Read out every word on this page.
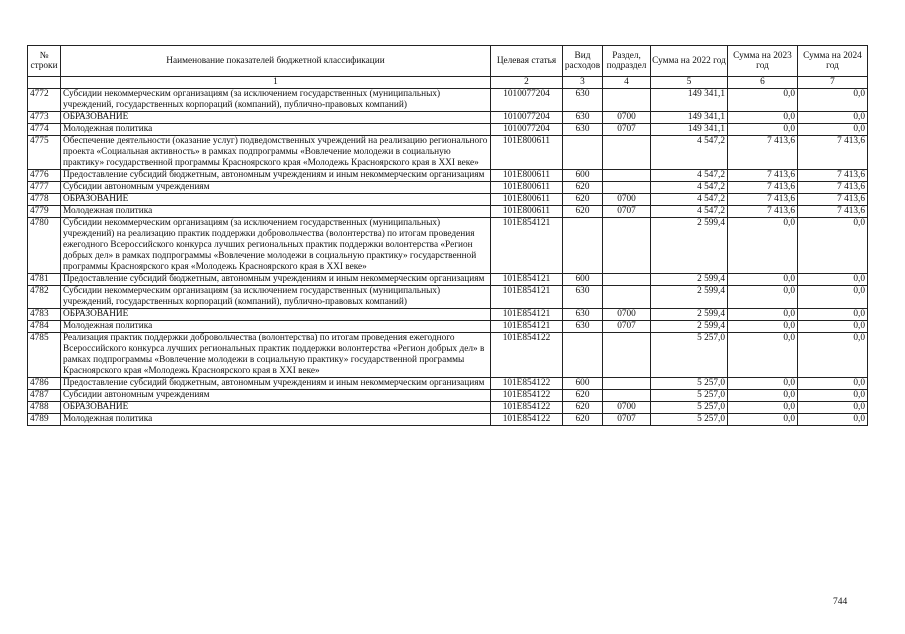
№ строки	Наименование показателей бюджетной классификации	Целевая статья	Вид расходов	Раздел, подраздел	Сумма на 2022 год	Сумма на 2023 год	Сумма на 2024 год
	1	2	3	4	5	6	7
4772	Субсидии некоммерческим организациям (за исключением государственных (муниципальных) учреждений, государственных корпораций (компаний), публично-правовых компаний)	1010077204	630		149 341,1	0,0	0,0
4773	ОБРАЗОВАНИЕ	1010077204	630	0700	149 341,1	0,0	0,0
4774	Молодежная политика	1010077204	630	0707	149 341,1	0,0	0,0
4775	Обеспечение деятельности (оказание услуг) подведомственных учреждений на реализацию регионального проекта «Социальная активность» в рамках подпрограммы «Вовлечение молодежи в социальную практику» государственной программы Красноярского края «Молодежь Красноярского края в XXI веке»	101E800611			4 547,2	7 413,6	7 413,6
4776	Предоставление субсидий бюджетным, автономным учреждениям и иным некоммерческим организациям	101E800611	600		4 547,2	7 413,6	7 413,6
4777	Субсидии автономным учреждениям	101E800611	620		4 547,2	7 413,6	7 413,6
4778	ОБРАЗОВАНИЕ	101E800611	620	0700	4 547,2	7 413,6	7 413,6
4779	Молодежная политика	101E800611	620	0707	4 547,2	7 413,6	7 413,6
4780	Субсидии некоммерческим организациям (за исключением государственных (муниципальных) учреждений) на реализацию практик поддержки добровольчества (волонтерства) по итогам проведения ежегодного Всероссийского конкурса лучших региональных практик поддержки волонтерства «Регион добрых дел» в рамках подпрограммы «Вовлечение молодежи в социальную практику» государственной программы Красноярского края «Молодежь Красноярского края в XXI веке»	101E854121			2 599,4	0,0	0,0
4781	Предоставление субсидий бюджетным, автономным учреждениям и иным некоммерческим организациям	101E854121	600		2 599,4	0,0	0,0
4782	Субсидии некоммерческим организациям (за исключением государственных (муниципальных) учреждений, государственных корпораций (компаний), публично-правовых компаний)	101E854121	630		2 599,4	0,0	0,0
4783	ОБРАЗОВАНИЕ	101E854121	630	0700	2 599,4	0,0	0,0
4784	Молодежная политика	101E854121	630	0707	2 599,4	0,0	0,0
4785	Реализация практик поддержки добровольчества (волонтерства) по итогам проведения ежегодного Всероссийского конкурса лучших региональных практик поддержки волонтерства «Регион добрых дел» в рамках подпрограммы «Вовлечение молодежи в социальную практику» государственной программы Красноярского края «Молодежь Красноярского края в XXI веке»	101E854122			5 257,0	0,0	0,0
4786	Предоставление субсидий бюджетным, автономным учреждениям и иным некоммерческим организациям	101E854122	600		5 257,0	0,0	0,0
4787	Субсидии автономным учреждениям	101E854122	620		5 257,0	0,0	0,0
4788	ОБРАЗОВАНИЕ	101E854122	620	0700	5 257,0	0,0	0,0
4789	Молодежная политика	101E854122	620	0707	5 257,0	0,0	0,0
744
